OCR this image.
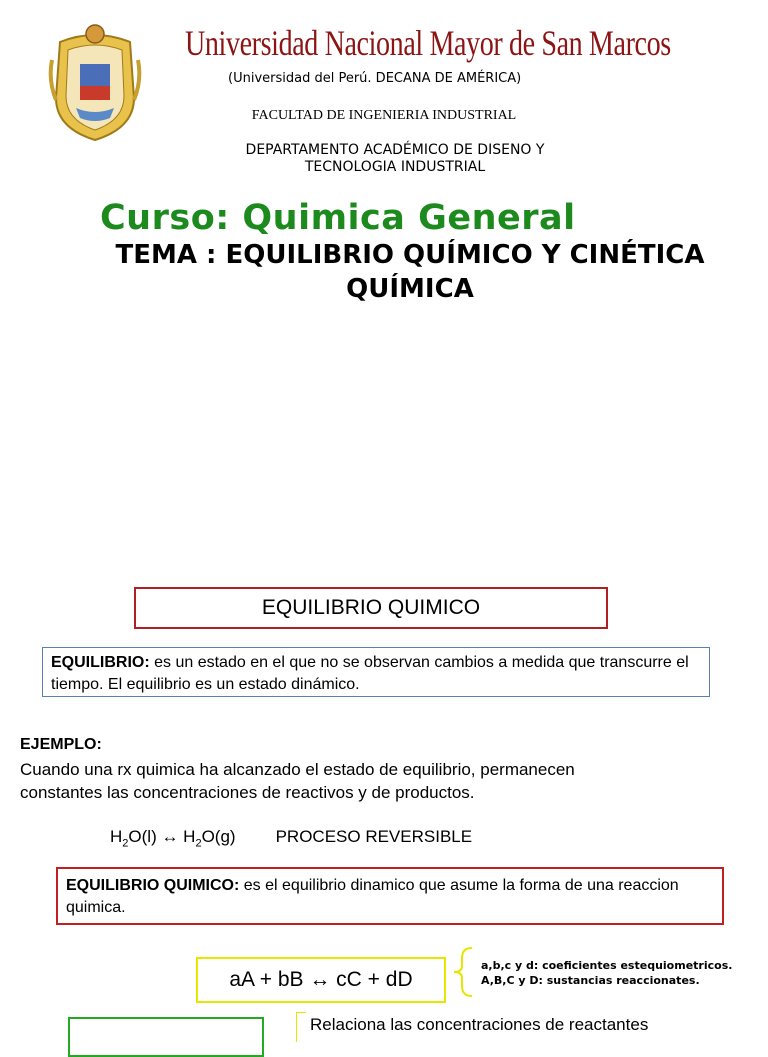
Universidad Nacional Mayor de San Marcos
(Universidad del Perú. DECANA DE AMÉRICA)
FACULTAD DE INGENIERIA INDUSTRIAL
DEPARTAMENTO ACADÉMICO DE DISENO Y
TECNOLOGIA INDUSTRIAL
Curso: Quimica General
TEMA : EQUILIBRIO QUÍMICO Y CINÉTICA
QUÍMICA
EQUILIBRIO QUIMICO
EQUILIBRIO: es un estado en el que no se observan cambios a medida que transcurre el tiempo. El equilibrio es un estado dinámico.
EJEMPLO:
Cuando una rx quimica ha alcanzado el estado de equilibrio, permanecen
constantes las concentraciones de reactivos y de productos.
$H_2O(l)$ ↔ $H_2O(g)$ PROCESO REVERSIBLE
EQUILIBRIO QUIMICO: es el equilibrio dinamico que asume la forma de una reaccion quimica.
aA + bB ↔ cC + dD
a,b,c y d: coeficientes estequiometricos.
A,B,C y D: sustancias reaccionates.
Relaciona las concentraciones de reactantes
